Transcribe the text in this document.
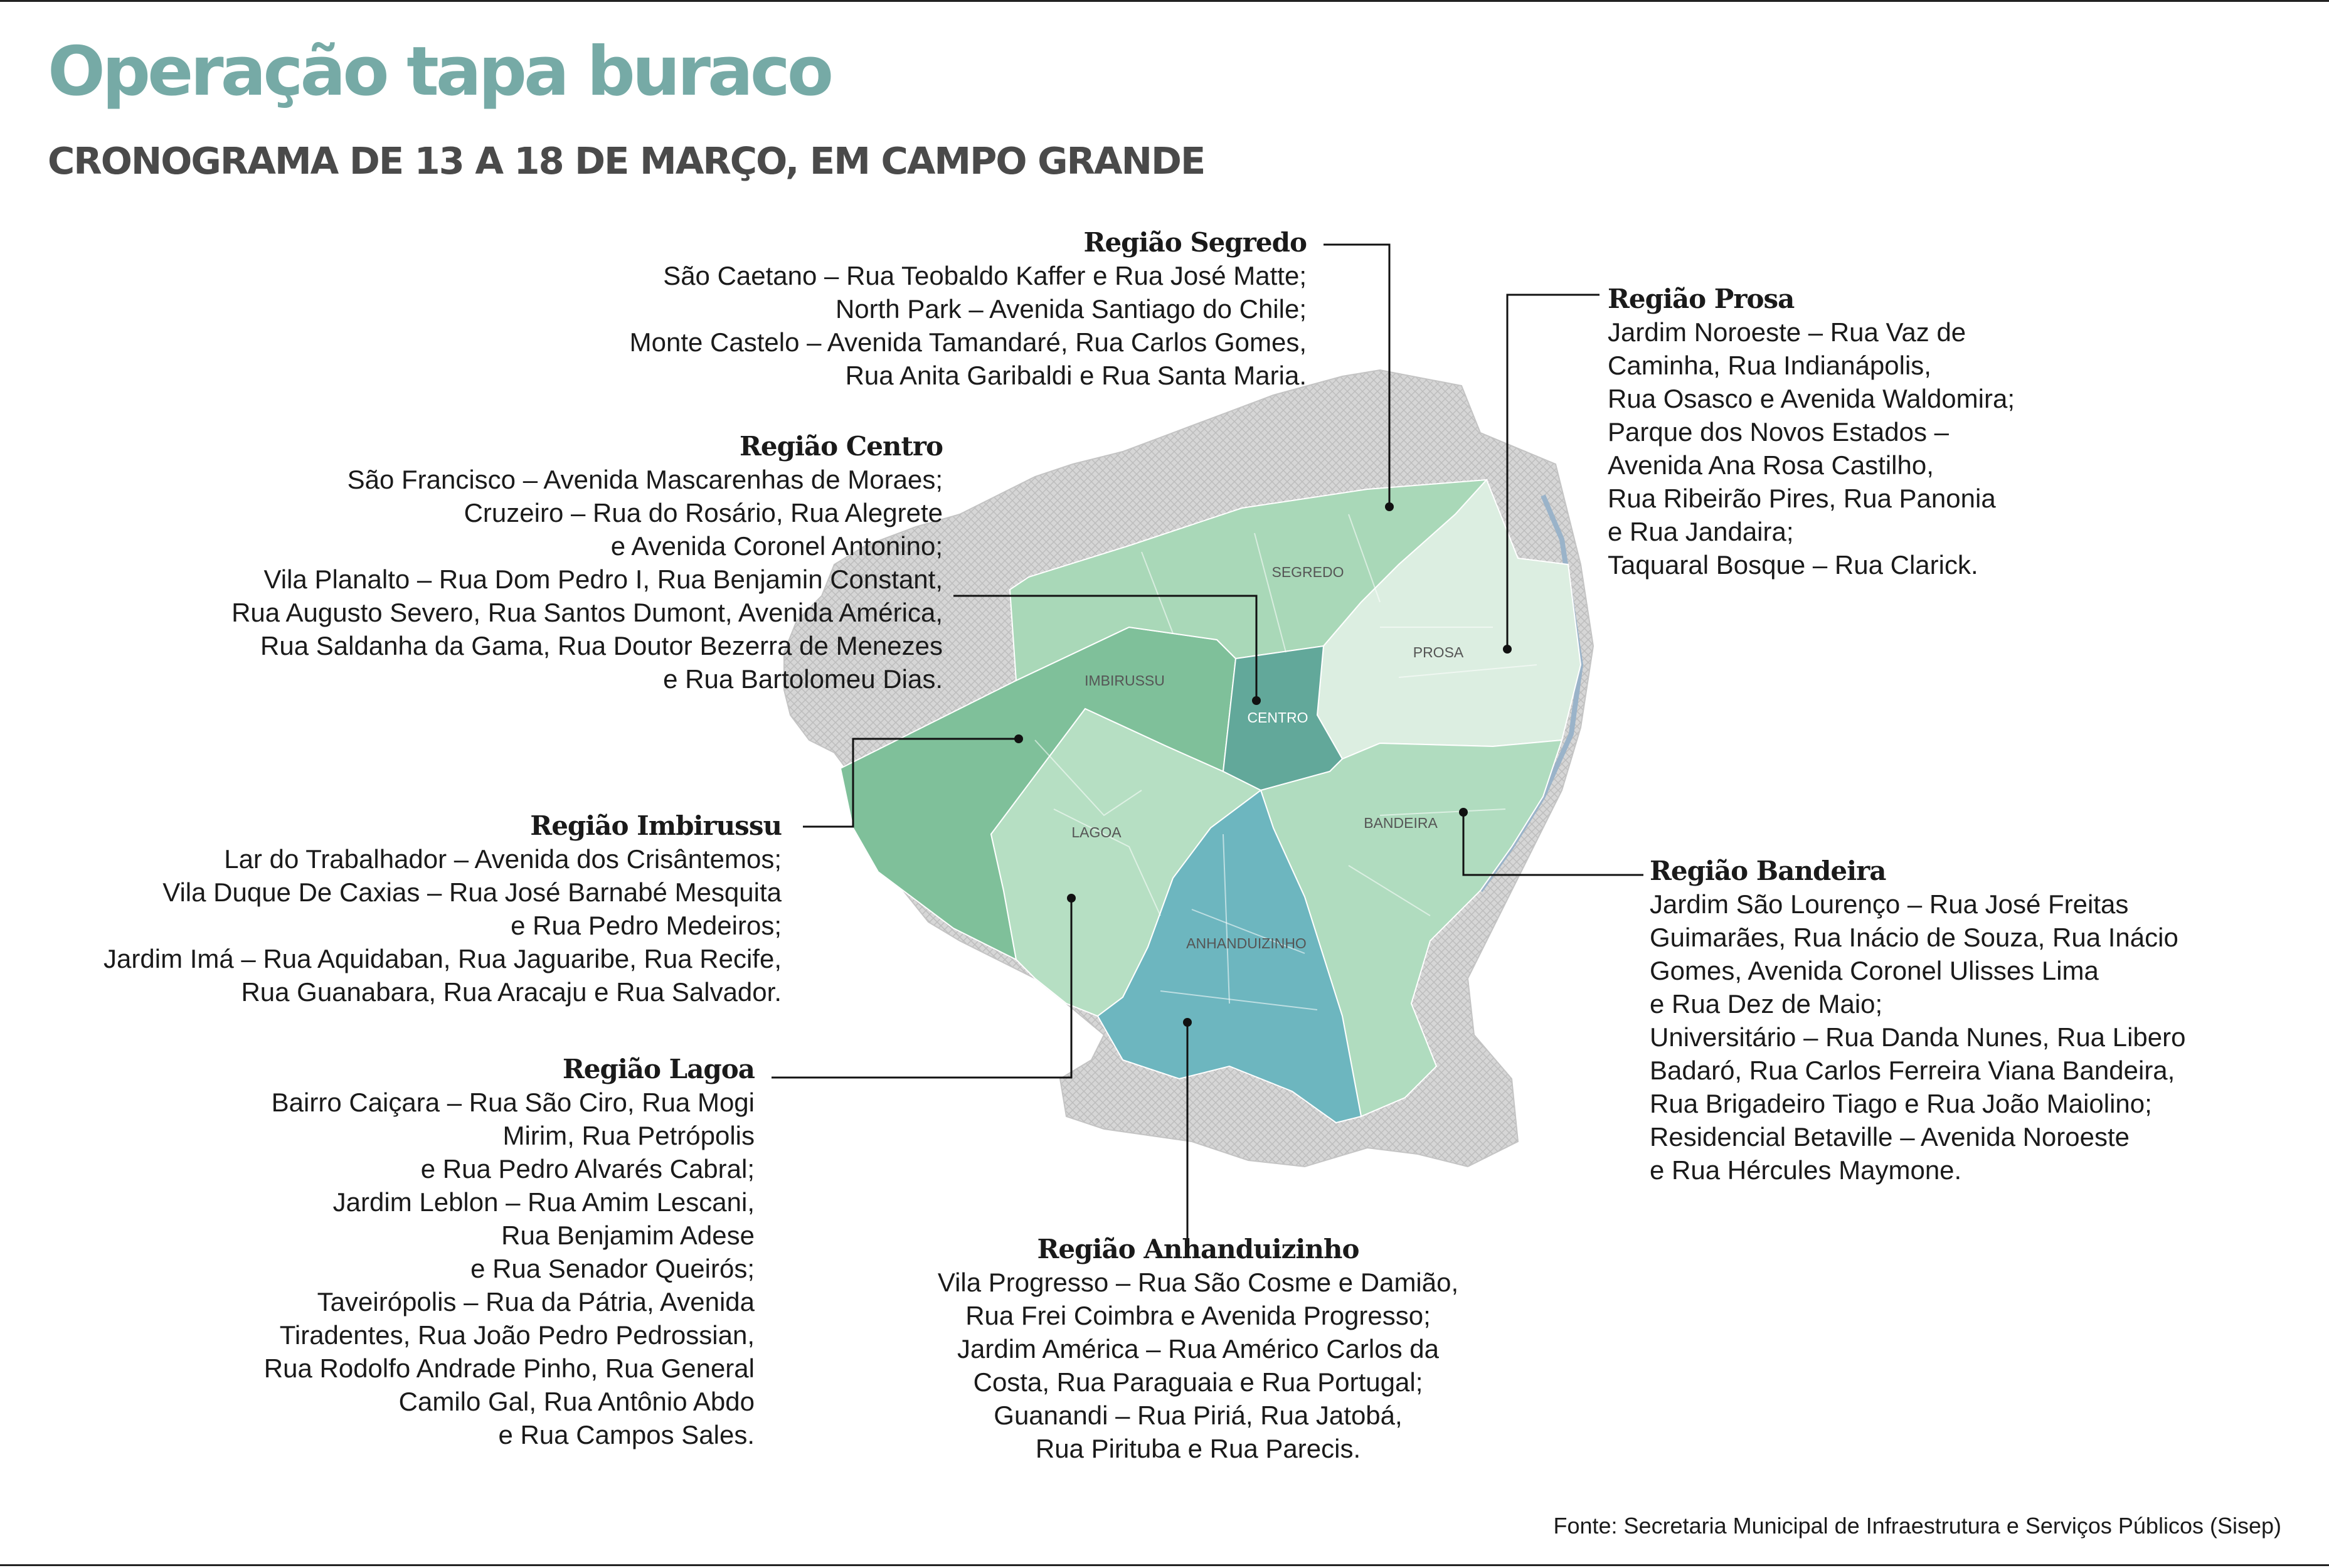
Operação tapa buraco
CRONOGRAMA DE 13 A 18 DE MARÇO, EM CAMPO GRANDE
SEGREDO
PROSA
IMBIRUSSU
CENTRO
LAGOA
BANDEIRA
ANHANDUIZINHO
Região Segredo
São Caetano – Rua Teobaldo Kaffer e Rua José Matte;
North Park – Avenida Santiago do Chile;
Monte Castelo – Avenida Tamandaré, Rua Carlos Gomes,
Rua Anita Garibaldi e Rua Santa Maria.
Região Centro
São Francisco – Avenida Mascarenhas de Moraes;
Cruzeiro – Rua do Rosário, Rua Alegrete
e Avenida Coronel Antonino;
Vila Planalto – Rua Dom Pedro I, Rua Benjamin Constant,
Rua Augusto Severo, Rua Santos Dumont, Avenida América,
Rua Saldanha da Gama, Rua Doutor Bezerra de Menezes
e Rua Bartolomeu Dias.
Região Imbirussu
Lar do Trabalhador – Avenida dos Crisântemos;
Vila Duque De Caxias – Rua José Barnabé Mesquita
e Rua Pedro Medeiros;
Jardim Imá – Rua Aquidaban, Rua Jaguaribe, Rua Recife,
Rua Guanabara, Rua Aracaju e Rua Salvador.
Região Lagoa
Bairro Caiçara – Rua São Ciro, Rua Mogi
Mirim, Rua Petrópolis
e Rua Pedro Alvarés Cabral;
Jardim Leblon – Rua Amim Lescani,
Rua Benjamim Adese
e Rua Senador Queirós;
Taveirópolis – Rua da Pátria, Avenida
Tiradentes, Rua João Pedro Pedrossian,
Rua Rodolfo Andrade Pinho, Rua General
Camilo Gal, Rua Antônio Abdo
e Rua Campos Sales.
Região Anhanduizinho
Vila Progresso – Rua São Cosme e Damião,
Rua Frei Coimbra e Avenida Progresso;
Jardim América – Rua Américo Carlos da
Costa, Rua Paraguaia e Rua Portugal;
Guanandi – Rua Piriá, Rua Jatobá,
Rua Pirituba e Rua Parecis.
Região Prosa
Jardim Noroeste – Rua Vaz de
Caminha, Rua Indianápolis,
Rua Osasco e Avenida Waldomira;
Parque dos Novos Estados –
Avenida Ana Rosa Castilho,
Rua Ribeirão Pires, Rua Panonia
e Rua Jandaira;
Taquaral Bosque – Rua Clarick.
Região Bandeira
Jardim São Lourenço – Rua José Freitas
Guimarães, Rua Inácio de Souza, Rua Inácio
Gomes, Avenida Coronel Ulisses Lima
e Rua Dez de Maio;
Universitário – Rua Danda Nunes, Rua Libero
Badaró, Rua Carlos Ferreira Viana Bandeira,
Rua Brigadeiro Tiago e Rua João Maiolino;
Residencial Betaville – Avenida Noroeste
e Rua Hércules Maymone.
Fonte: Secretaria Municipal de Infraestrutura e Serviços Públicos (Sisep)
